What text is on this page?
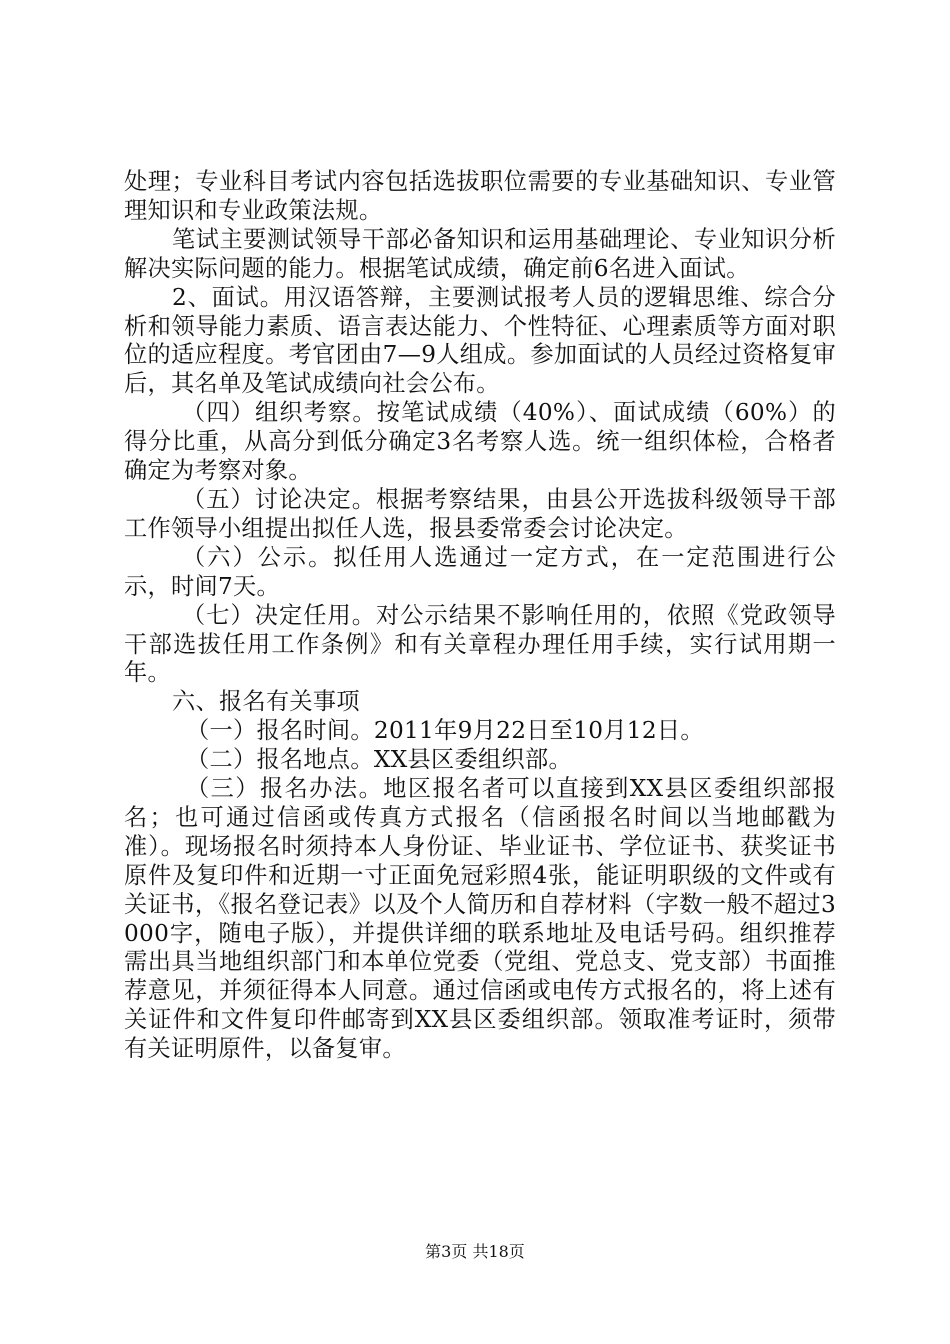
处理；专业科目考试内容包括选拔职位需要的专业基础知识、专业管理知识和专业政策法规。

笔试主要测试领导干部必备知识和运用基础理论、专业知识分析解决实际问题的能力。根据笔试成绩，确定前6名进入面试。

2、面试。用汉语答辩，主要测试报考人员的逻辑思维、综合分析和领导能力素质、语言表达能力、个性特征、心理素质等方面对职位的适应程度。考官团由7—9人组成。参加面试的人员经过资格复审后，其名单及笔试成绩向社会公布。

（四）组织考察。按笔试成绩（40%）、面试成绩（60%）的得分比重，从高分到低分确定3名考察人选。统一组织体检，合格者确定为考察对象。

（五）讨论决定。根据考察结果，由县公开选拔科级领导干部工作领导小组提出拟任人选，报县委常委会讨论决定。

（六）公示。拟任用人选通过一定方式，在一定范围进行公示，时间7天。

（七）决定任用。对公示结果不影响任用的，依照《党政领导干部选拔任用工作条例》和有关章程办理任用手续，实行试用期一年。

六、报名有关事项

（一）报名时间。2011年9月22日至10月12日。

（二）报名地点。XX县区委组织部。

（三）报名办法。地区报名者可以直接到XX县区委组织部报名；也可通过信函或传真方式报名（信函报名时间以当地邮戳为准）。现场报名时须持本人身份证、毕业证书、学位证书、获奖证书原件及复印件和近期一寸正面免冠彩照4张，能证明职级的文件或有关证书，《报名登记表》以及个人简历和自荐材料（字数一般不超过3000字，随电子版），并提供详细的联系地址及电话号码。组织推荐需出具当地组织部门和本单位党委（党组、党总支、党支部）书面推荐意见，并须征得本人同意。通过信函或电传方式报名的，将上述有关证件和文件复印件邮寄到XX县区委组织部。领取准考证时，须带有关证明原件，以备复审。

第3页 共18页
